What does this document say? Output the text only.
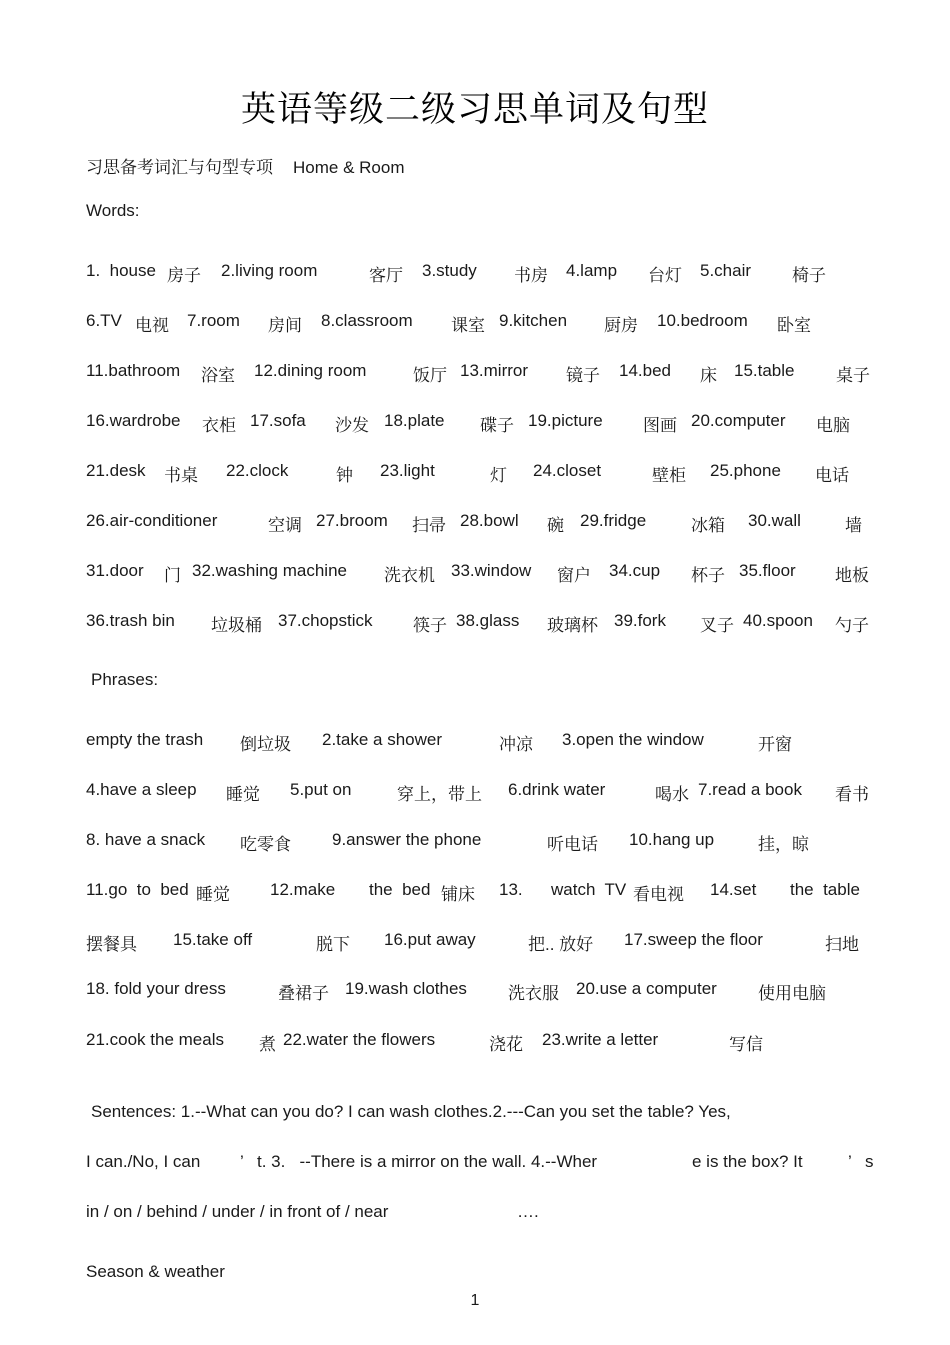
英语等级二级习思单词及句型
习思备考词汇与句型专项 Home & Room
Words:
1.  house 房子 2.living room	客厅 3.study 书房 4.lamp 台灯 5.chair 椅子
6.TV 电视 7.room 房间 8.classroom 课室 9.kitchen 厨房 10.bedroom 卧室
11.bathroom 浴室 12.dining room	饭厅 13.mirror 镜子 14.bed 床 15.table 桌子
16.wardrobe 衣柜 17.sofa 沙发 18.plate 碟子 19.picture 图画 20.computer 电脑
21.desk 书桌 22.clock	钟 23.light	灯 24.closet	壁柜 25.phone 电话
26.air-conditioner	空调 27.broom 扫帚 28.bowl 碗 29.fridge	冰箱 30.wall	墙
31.door 门 32.washing machine 洗衣机 33.window 窗户 34.cup 杯子 35.floor 地板
36.trash bin 垃圾桶 37.chopstick 筷子 38.glass 玻璃杯 39.fork 叉子 40.spoon 勺子
Phrases:
empty the trash 倒垃圾 2.take a shower	冲凉 3.open the window	开窗
4.have a sleep 睡觉 5.put on	穿上，带上 6.drink water	喝水 7.read a book 看书
8. have a snack 吃零食 9.answer the phone	听电话 10.hang up	挂，晾
11.go  to  bed 睡觉 12.make the  bed 铺床 13. watch  TV 看电视 14.set the  table
摆餐具 15.take off	脱下 16.put away	把.. 放好 17.sweep the floor	扫地
18. fold your dress	叠裙子 19.wash clothes 洗衣服 20.use a computer 使用电脑
21.cook the meals 煮 22.water the flowers	浇花 23.write a letter	写信
Sentences: 1.--What can you do? I can wash clothes.2.---Can you set the table? Yes,
I can./No, I can ’ t. 3.   --There is a mirror on the wall. 4.--Wher	e is the box? It	’ s
in / on / behind / under / in front of / near	….
Season & weather
1
